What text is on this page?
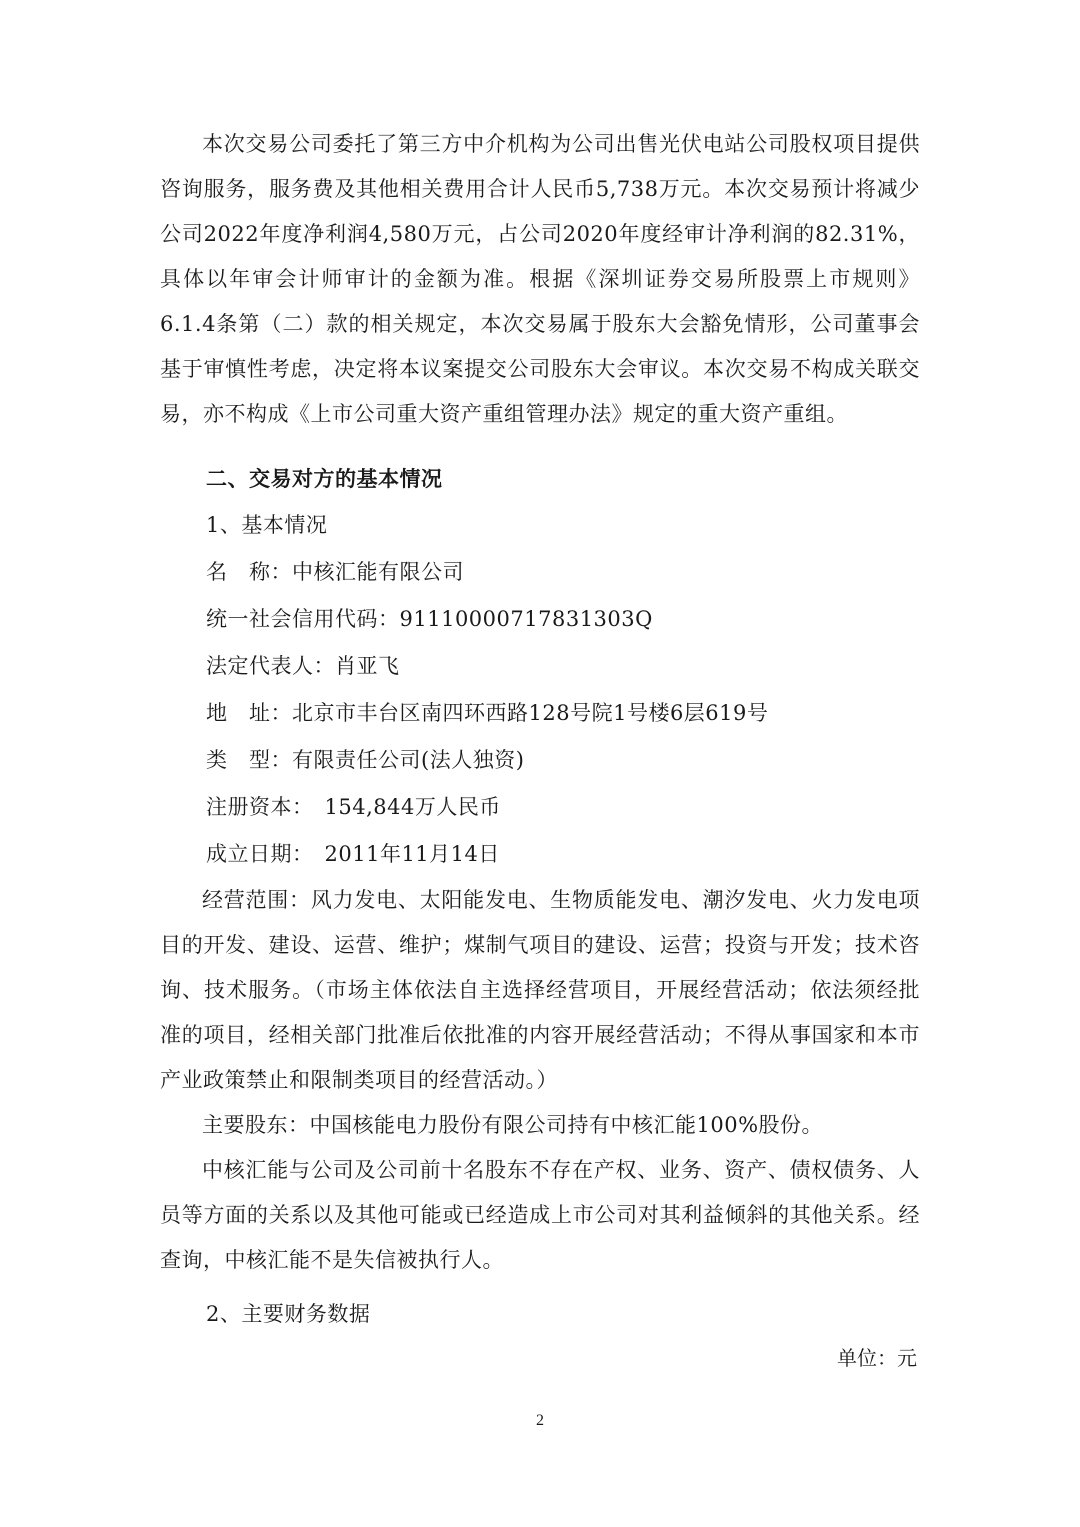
本次交易公司委托了第三方中介机构为公司出售光伏电站公司股权项目提供咨询服务，服务费及其他相关费用合计人民币5,738万元。本次交易预计将减少公司2022年度净利润4,580万元，占公司2020年度经审计净利润的82.31%，具体以年审会计师审计的金额为准。根据《深圳证券交易所股票上市规则》6.1.4条第（二）款的相关规定，本次交易属于股东大会豁免情形，公司董事会基于审慎性考虑，决定将本议案提交公司股东大会审议。本次交易不构成关联交易，亦不构成《上市公司重大资产重组管理办法》规定的重大资产重组。

二、交易对方的基本情况

1、基本情况

名　称：中核汇能有限公司

统一社会信用代码：91110000717831303Q

法定代表人：肖亚飞

地　址：北京市丰台区南四环西路128号院1号楼6层619号

类　型：有限责任公司(法人独资)

注册资本：　154,844万人民币

成立日期：　2011年11月14日

经营范围：风力发电、太阳能发电、生物质能发电、潮汐发电、火力发电项目的开发、建设、运营、维护；煤制气项目的建设、运营；投资与开发；技术咨询、技术服务。（市场主体依法自主选择经营项目，开展经营活动；依法须经批准的项目，经相关部门批准后依批准的内容开展经营活动；不得从事国家和本市产业政策禁止和限制类项目的经营活动。）

主要股东：中国核能电力股份有限公司持有中核汇能100%股份。

中核汇能与公司及公司前十名股东不存在产权、业务、资产、债权债务、人员等方面的关系以及其他可能或已经造成上市公司对其利益倾斜的其他关系。经查询，中核汇能不是失信被执行人。

2、主要财务数据

单位：元

2
